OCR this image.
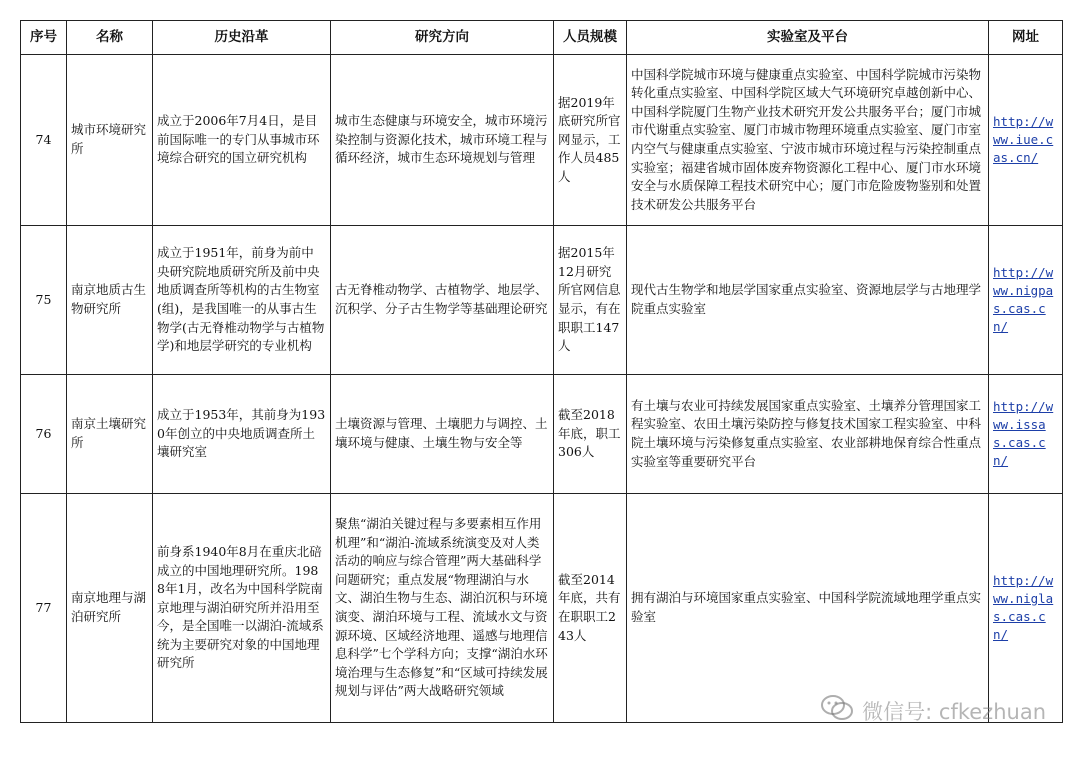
序号	名称	历史沿革	研究方向	人员规模	实验室及平台	网址
74	城市环境研究所	成立于2006年7月4日，是目前国际唯一的专门从事城市环境综合研究的国立研究机构	城市生态健康与环境安全，城市环境污染控制与资源化技术，城市环境工程与循环经济，城市生态环境规划与管理	据2019年底研究所官网显示，工作人员485人	中国科学院城市环境与健康重点实验室、中国科学院城市污染物转化重点实验室、中国科学院区域大气环境研究卓越创新中心、中国科学院厦门生物产业技术研究开发公共服务平台；厦门市城市代谢重点实验室、厦门市城市物理环境重点实验室、厦门市室内空气与健康重点实验室、宁波市城市环境过程与污染控制重点实验室；福建省城市固体废弃物资源化工程中心、厦门市水环境安全与水质保障工程技术研究中心；厦门市危险废物鉴别和处置技术研发公共服务平台	http://www.iue.cas.cn/
75	南京地质古生物研究所	成立于1951年，前身为前中央研究院地质研究所及前中央地质调查所等机构的古生物室(组)，是我国唯一的从事古生物学(古无脊椎动物学与古植物学)和地层学研究的专业机构	古无脊椎动物学、古植物学、地层学、沉积学、分子古生物学等基础理论研究	据2015年12月研究所官网信息显示，有在职职工147人	现代古生物学和地层学国家重点实验室、资源地层学与古地理学院重点实验室	http://www.nigpas.cas.cn/
76	南京土壤研究所	成立于1953年，其前身为1930年创立的中央地质调查所土壤研究室	土壤资源与管理、土壤肥力与调控、土壤环境与健康、土壤生物与安全等	截至2018年底，职工306人	有土壤与农业可持续发展国家重点实验室、土壤养分管理国家工程实验室、农田土壤污染防控与修复技术国家工程实验室、中科院土壤环境与污染修复重点实验室、农业部耕地保育综合性重点实验室等重要研究平台	http://www.issas.cas.cn/
77	南京地理与湖泊研究所	前身系1940年8月在重庆北碚成立的中国地理研究所。1988年1月，改名为中国科学院南京地理与湖泊研究所并沿用至今，是全国唯一以湖泊-流域系统为主要研究对象的中国地理研究所	聚焦“湖泊关键过程与多要素相互作用机理”和“湖泊-流域系统演变及对人类活动的响应与综合管理”两大基础科学问题研究；重点发展“物理湖泊与水文、湖泊生物与生态、湖泊沉积与环境演变、湖泊环境与工程、流域水文与资源环境、区域经济地理、遥感与地理信息科学”七个学科方向；支撑“湖泊水环境治理与生态修复”和“区域可持续发展规划与评估”两大战略研究领域	截至2014年底，共有在职职工243人	拥有湖泊与环境国家重点实验室、中国科学院流域地理学重点实验室	http://www.niglas.cas.cn/
微信号: cfkezhuan
